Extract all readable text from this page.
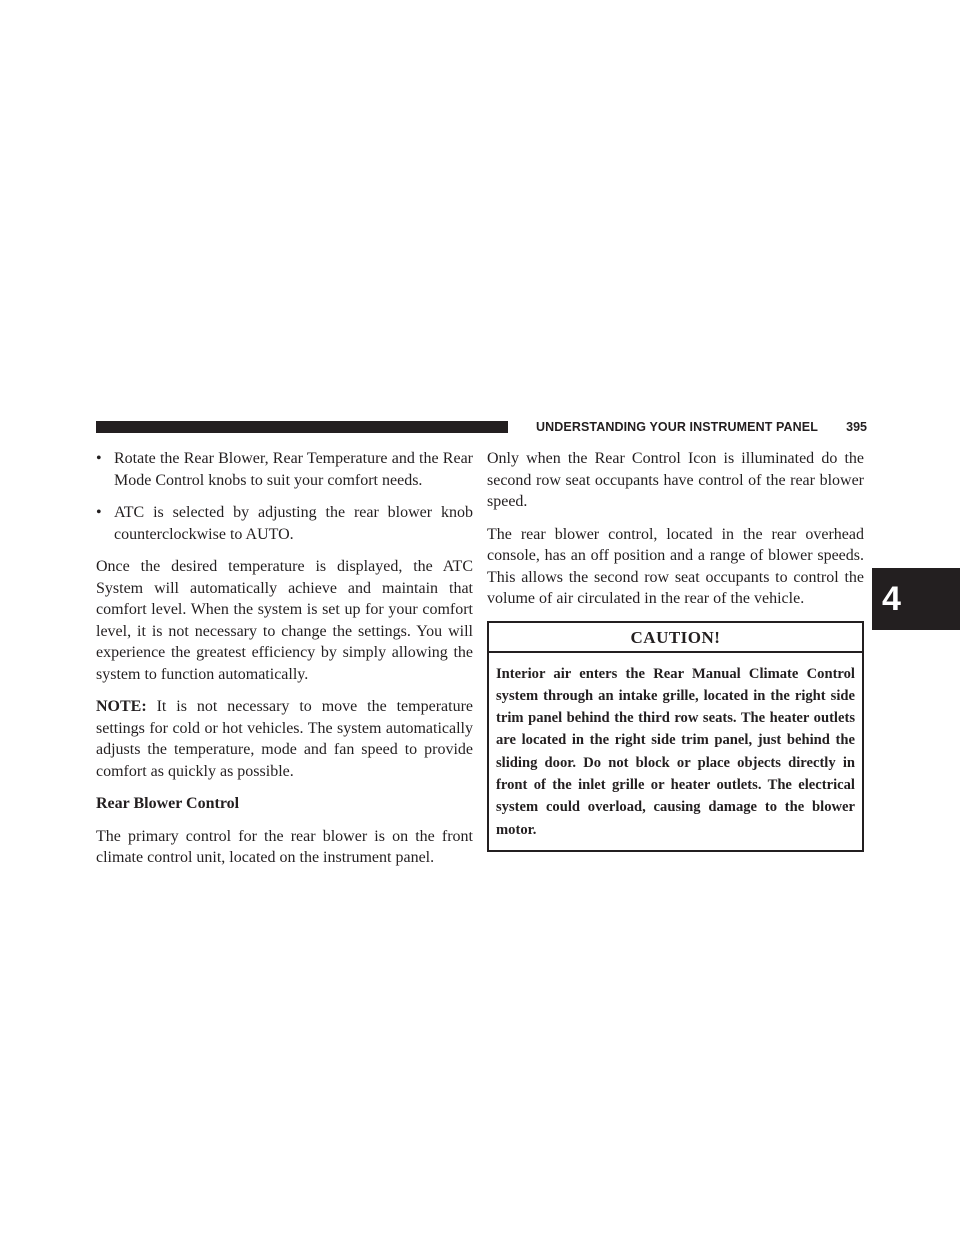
UNDERSTANDING YOUR INSTRUMENT PANEL	395
4
• Rotate the Rear Blower, Rear Temperature and the Rear Mode Control knobs to suit your comfort needs.
• ATC is selected by adjusting the rear blower knob counterclockwise to AUTO.

Once the desired temperature is displayed, the ATC System will automatically achieve and maintain that comfort level. When the system is set up for your comfort level, it is not necessary to change the settings. You will experience the greatest efficiency by simply allowing the system to function automatically.

NOTE: It is not necessary to move the temperature settings for cold or hot vehicles. The system automatically adjusts the temperature, mode and fan speed to provide comfort as quickly as possible.

Rear Blower Control

The primary control for the rear blower is on the front climate control unit, located on the instrument panel.

Only when the Rear Control Icon is illuminated do the second row seat occupants have control of the rear blower speed.

The rear blower control, located in the rear overhead console, has an off position and a range of blower speeds. This allows the second row seat occupants to control the volume of air circulated in the rear of the vehicle.

CAUTION!
Interior air enters the Rear Manual Climate Control system through an intake grille, located in the right side trim panel behind the third row seats. The heater outlets are located in the right side trim panel, just behind the sliding door. Do not block or place objects directly in front of the inlet grille or heater outlets. The electrical system could overload, causing damage to the blower motor.
